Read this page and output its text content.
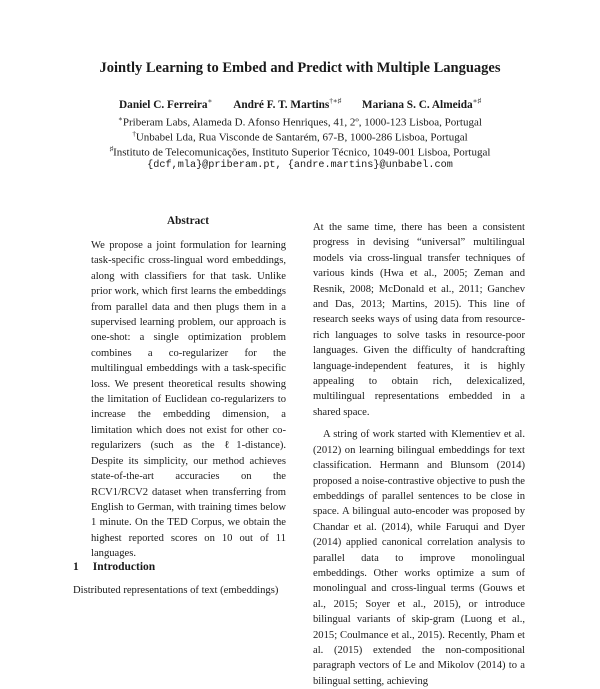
Jointly Learning to Embed and Predict with Multiple Languages
Daniel C. Ferreira∗ André F. T. Martins†∗♯ Mariana S. C. Almeida∗♯
∗Priberam Labs, Alameda D. Afonso Henriques, 41, 2º, 1000-123 Lisboa, Portugal
†Unbabel Lda, Rua Visconde de Santarém, 67-B, 1000-286 Lisboa, Portugal
♯Instituto de Telecomunicações, Instituto Superior Técnico, 1049-001 Lisboa, Portugal
{dcf,mla}@priberam.pt, {andre.martins}@unbabel.com
Abstract

We propose a joint formulation for learning task-specific cross-lingual word embeddings, along with classifiers for that task. Unlike prior work, which first learns the embeddings from parallel data and then plugs them in a supervised learning problem, our approach is one-shot: a single optimization problem combines a co-regularizer for the multilingual embeddings with a task-specific loss. We present theoretical results showing the limitation of Euclidean co-regularizers to increase the embedding dimension, a limitation which does not exist for other co-regularizers (such as the ℓ1-distance). Despite its simplicity, our method achieves state-of-the-art accuracies on the RCV1/RCV2 dataset when transferring from English to German, with training times below 1 minute. On the TED Corpus, we obtain the highest reported scores on 10 out of 11 languages.

At the same time, there has been a consistent progress in devising “universal” multilingual models via cross-lingual transfer techniques of various kinds (Hwa et al., 2005; Zeman and Resnik, 2008; McDonald et al., 2011; Ganchev and Das, 2013; Martins, 2015). This line of research seeks ways of using data from resource-rich languages to solve tasks in resource-poor languages. Given the difficulty of handcrafting language-independent features, it is highly appealing to obtain rich, delexicalized, multilingual representations embedded in a shared space.

A string of work started with Klementiev et al. (2012) on learning bilingual embeddings for text classification. Hermann and Blunsom (2014) proposed a noise-contrastive objective to push the embeddings of parallel sentences to be close in space. A bilingual auto-encoder was proposed by Chandar et al. (2014), while Faruqui and Dyer (2014) applied canonical correlation analysis to parallel data to improve monolingual embeddings. Other works optimize a sum of monolingual and cross-lingual terms (Gouws et al., 2015; Soyer et al., 2015), or introduce bilingual variants of skip-gram (Luong et al., 2015; Coulmance et al., 2015). Recently, Pham et al. (2015) extended the non-compositional paragraph vectors of Le and Mikolov (2014) to a bilingual setting, achieving

1 Introduction
Distributed representations of text (embeddings)
